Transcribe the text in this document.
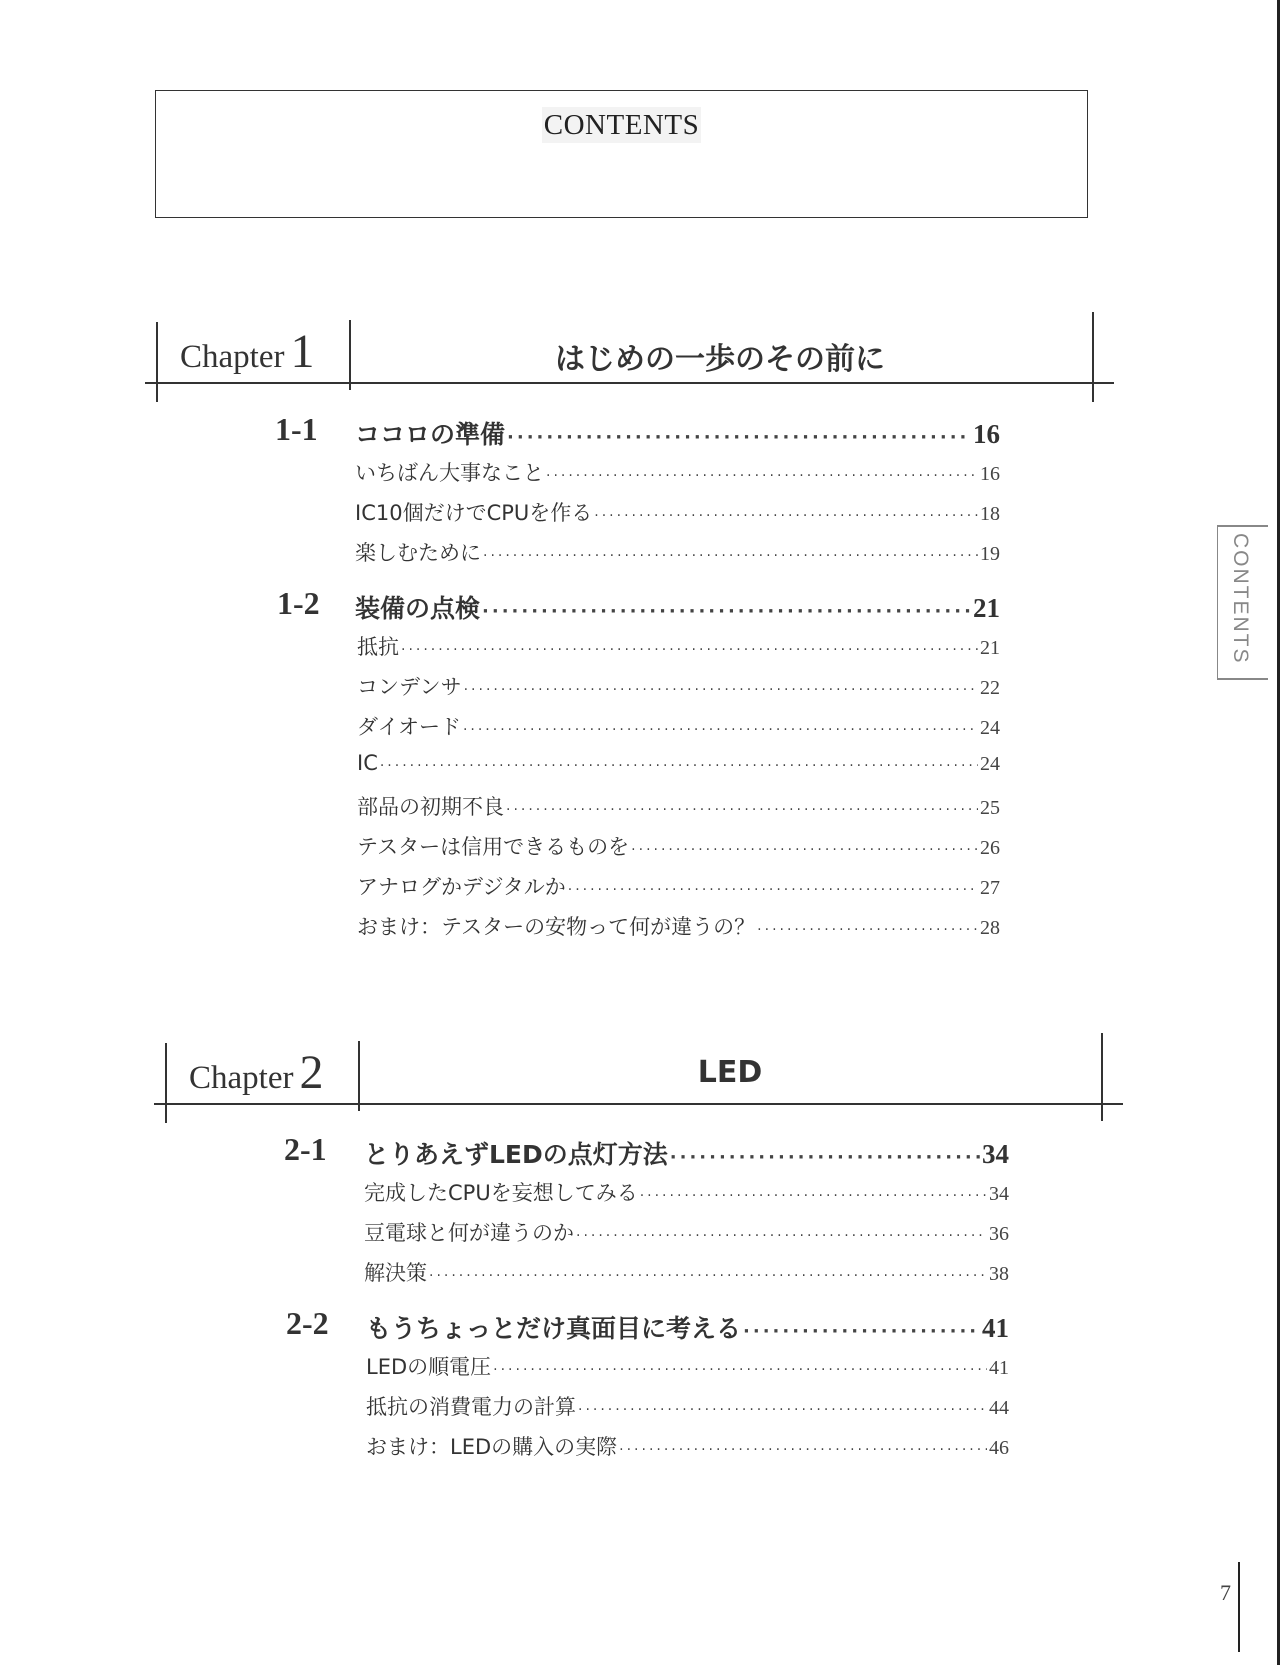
CONTENTS
Chapter 1	はじめの一歩のその前に
1-1 ココロの準備 ·····	16
いちばん大事なこと ·····	16
IC10個だけでCPUを作る ·····	18
楽しむために ·····	19
1-2 装備の点検 ·····	21
抵抗 ·····	21
コンデンサ ·····	22
ダイオード ·····	24
IC ·····	24
部品の初期不良 ·····	25
テスターは信用できるものを ·····	26
アナログかデジタルか ·····	27
おまけ：テスターの安物って何が違うの？ ·····	28
Chapter 2	LED
2-1 とりあえずLEDの点灯方法 ·····	34
完成したCPUを妄想してみる ·····	34
豆電球と何が違うのか ·····	36
解決策 ·····	38
2-2 もうちょっとだけ真面目に考える ·····	41
LEDの順電圧 ·····	41
抵抗の消費電力の計算 ·····	44
おまけ：LEDの購入の実際 ·····	46
CONTENTS
7
